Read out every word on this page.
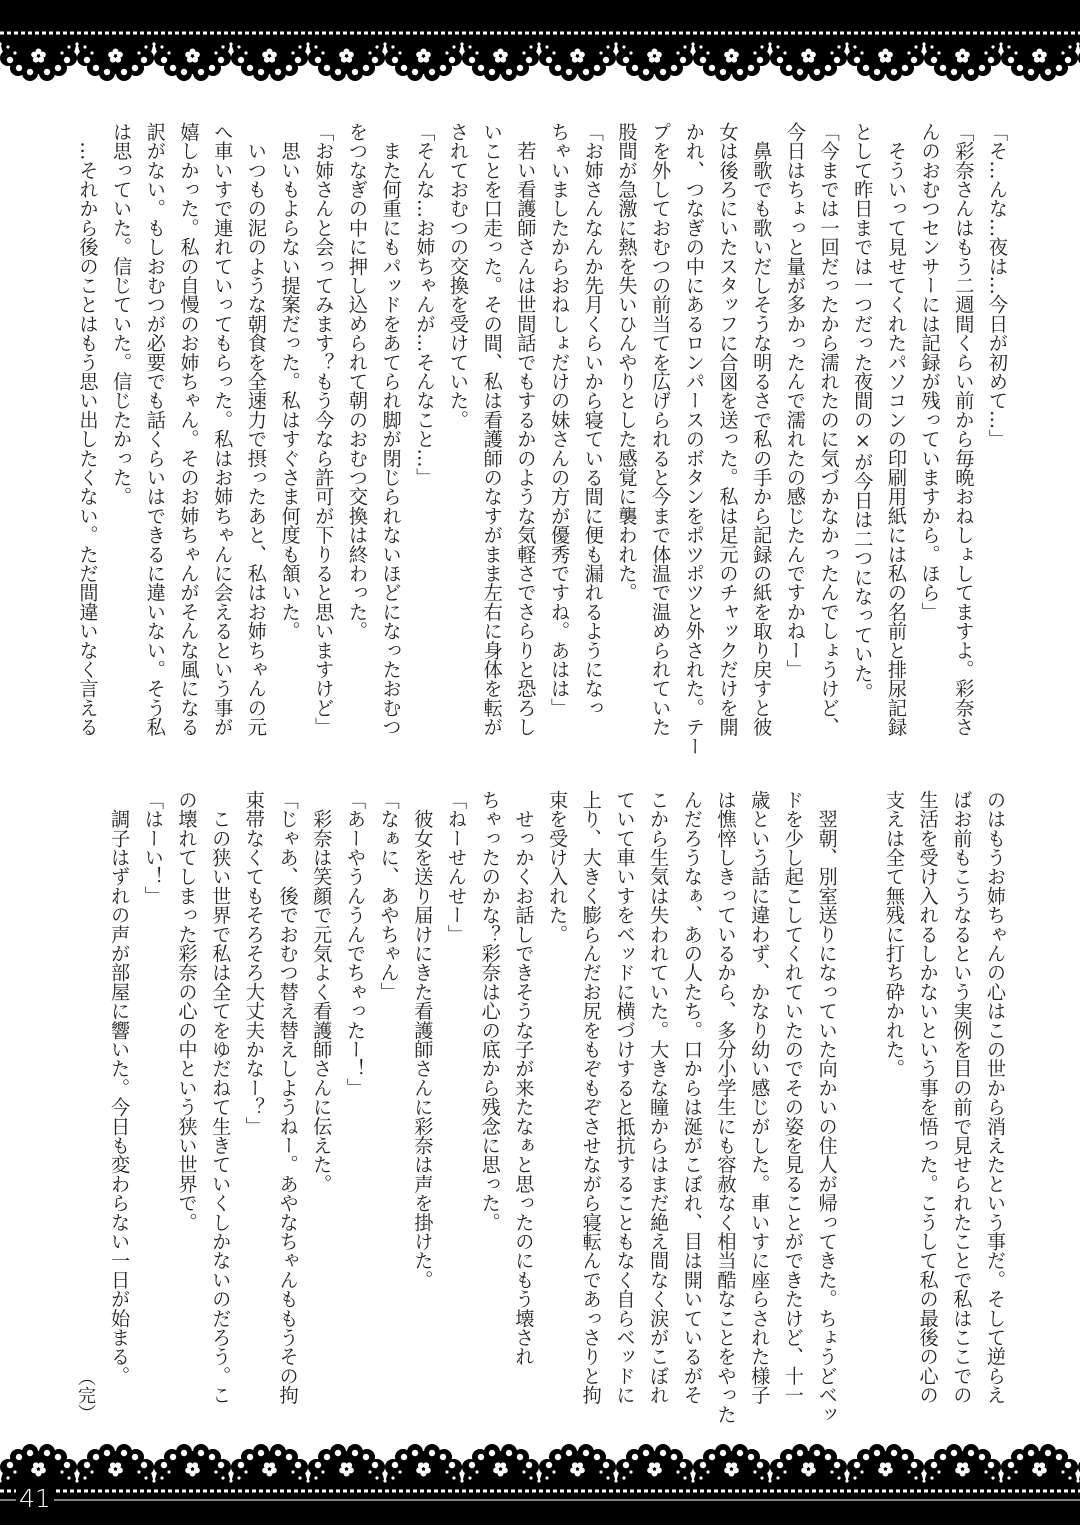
41
「そ…んな…夜は…今日が初めて…」
「彩奈さんはもう二週間くらい前から毎晩おねしょしてますよ。彩奈さ
んのおむつセンサーには記録が残っていますから。ほら」
　そういって見せてくれたパソコンの印刷用紙には私の名前と排尿記録
として昨日までは一つだった夜間の×が今日は二つになっていた。
「今までは一回だったから濡れたのに気づかなかったんでしょうけど、
今日はちょっと量が多かったんで濡れたの感じたんですかねー」
　鼻歌でも歌いだしそうな明るさで私の手から記録の紙を取り戻すと彼
女は後ろにいたスタッフに合図を送った。私は足元のチャックだけを開
かれ、つなぎの中にあるロンパースのボタンをポツポツと外された。テー
プを外しておむつの前当てを広げられると今まで体温で温められていた
股間が急激に熱を失いひんやりとした感覚に襲われた。
「お姉さんなんか先月くらいから寝ている間に便も漏れるようになっ
ちゃいましたからおねしょだけの妹さんの方が優秀ですね。あはは」
　若い看護師さんは世間話でもするかのような気軽さでさらりと恐ろし
いことを口走った。その間、私は看護師のなすがまま左右に身体を転が
されておむつの交換を受けていた。
「そんな…お姉ちゃんが…そんなこと…」
　また何重にもパッドをあてられ脚が閉じられないほどになったおむつ
をつなぎの中に押し込められて朝のおむつ交換は終わった。
「お姉さんと会ってみます？もう今なら許可が下りると思いますけど」
　思いもよらない提案だった。私はすぐさま何度も頷いた。
　いつもの泥のような朝食を全速力で摂ったあと、私はお姉ちゃんの元
へ車いすで連れていってもらった。私はお姉ちゃんに会えるという事が
嬉しかった。私の自慢のお姉ちゃん。そのお姉ちゃんがそんな風になる
訳がない。もしおむつが必要でも話くらいはできるに違いない。そう私
は思っていた。信じていた。信じたかった。
　…それから後のことはもう思い出したくない。ただ間違いなく言える
のはもうお姉ちゃんの心はこの世から消えたという事だ。そして逆らえ
ばお前もこうなるという実例を目の前で見せられたことで私はここでの
生活を受け入れるしかないという事を悟った。こうして私の最後の心の
支えは全て無残に打ち砕かれた。
　翌朝、別室送りになっていた向かいの住人が帰ってきた。ちょうどベッ
ドを少し起こしてくれていたのでその姿を見ることができたけど、十一
歳という話に違わず、かなり幼い感じがした。車いすに座らされた様子
は憔悴しきっているから、多分小学生にも容赦なく相当酷なことをやった
んだろうなぁ、あの人たち。口からは涎がこぼれ、目は開いているがそ
こから生気は失われていた。大きな瞳からはまだ絶え間なく涙がこぼれ
ていて車いすをベッドに横づけすると抵抗することもなく自らベッドに
上り、大きく膨らんだお尻をもぞもぞさせながら寝転んであっさりと拘
束を受け入れた。
　せっかくお話しできそうな子が来たなぁと思ったのにもう壊され
ちゃったのかな？彩奈は心の底から残念に思った。
「ねーせんせー」
　彼女を送り届けにきた看護師さんに彩奈は声を掛けた。
「なぁに、あやちゃん」
「あーやうんうんでちゃったー！」
　彩奈は笑顔で元気よく看護師さんに伝えた。
「じゃあ、後でおむつ替え替えしようねー。あやなちゃんももうその拘
束帯なくてもそろそろ大丈夫かなー？」
　この狭い世界で私は全てをゆだねて生きていくしかないのだろう。こ
の壊れてしまった彩奈の心の中という狭い世界で。
「はーい！」
　調子はずれの声が部屋に響いた。今日も変わらない一日が始まる。
（完）
